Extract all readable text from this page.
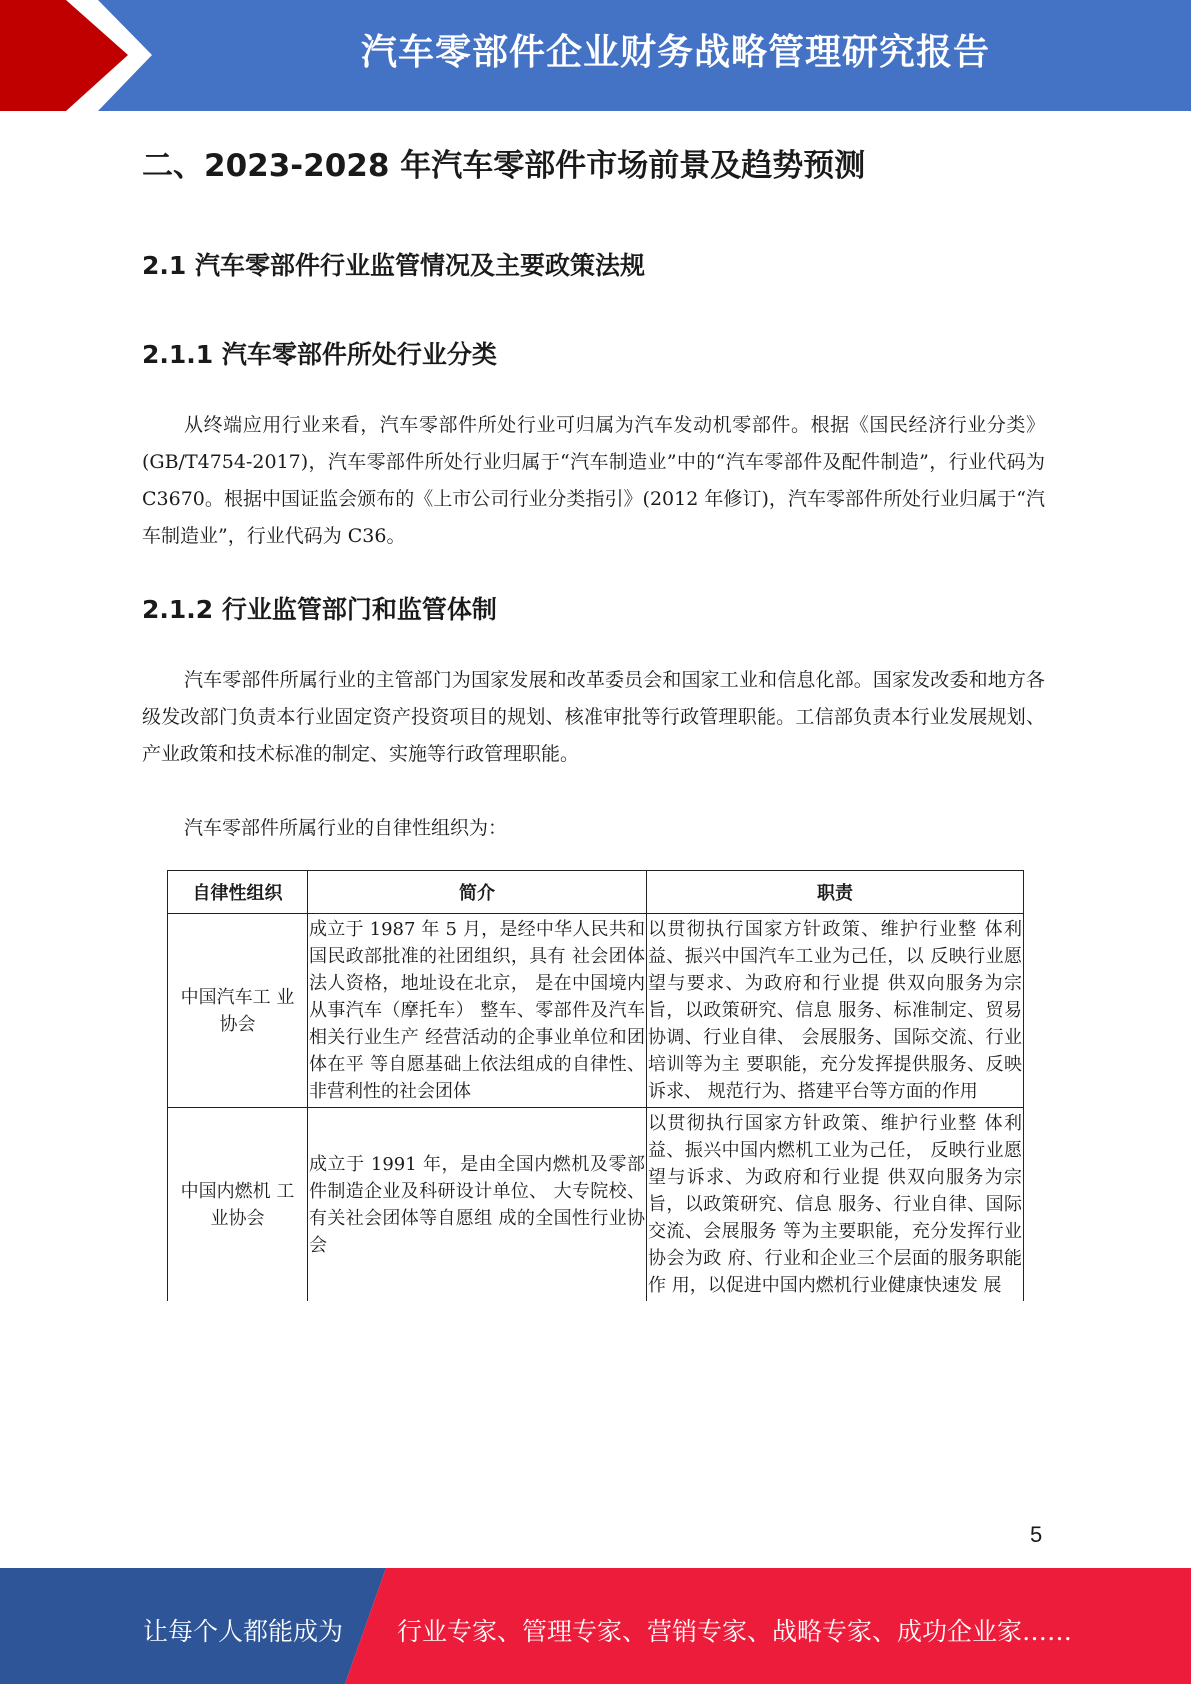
汽车零部件企业财务战略管理研究报告
二、2023-2028 年汽车零部件市场前景及趋势预测
2.1 汽车零部件行业监管情况及主要政策法规
2.1.1 汽车零部件所处行业分类
从终端应用行业来看，汽车零部件所处行业可归属为汽车发动机零部件。根据《国民经济行业分类》(GB/T4754-2017)，汽车零部件所处行业归属于“汽车制造业”中的“汽车零部件及配件制造”，行业代码为 C3670。根据中国证监会颁布的《上市公司行业分类指引》(2012 年修订)，汽车零部件所处行业归属于“汽车制造业”，行业代码为 C36。
2.1.2 行业监管部门和监管体制
汽车零部件所属行业的主管部门为国家发展和改革委员会和国家工业和信息化部。国家发改委和地方各级发改部门负责本行业固定资产投资项目的规划、核准审批等行政管理职能。工信部负责本行业发展规划、产业政策和技术标准的制定、实施等行政管理职能。
汽车零部件所属行业的自律性组织为：
自律性组织	简介	职责
中国汽车工 业协会	成立于 1987 年 5 月，是经中华人民共和国民政部批准的社团组织，具有 社会团体法人资格，地址设在北京， 是在中国境内从事汽车（摩托车） 整车、零部件及汽车相关行业生产 经营活动的企事业单位和团体在平 等自愿基础上依法组成的自律性、 非营利性的社会团体	以贯彻执行国家方针政策、维护行业整 体利益、振兴中国汽车工业为己任，以 反映行业愿望与要求、为政府和行业提 供双向服务为宗旨，以政策研究、信息 服务、标准制定、贸易协调、行业自律、 会展服务、国际交流、行业培训等为主 要职能，充分发挥提供服务、反映诉求、 规范行为、搭建平台等方面的作用
中国内燃机 工业协会	成立于 1991 年，是由全国内燃机及零部件制造企业及科研设计单位、 大专院校、有关社会团体等自愿组 成的全国性行业协会	以贯彻执行国家方针政策、维护行业整 体利益、振兴中国内燃机工业为己任， 反映行业愿望与诉求、为政府和行业提 供双向服务为宗旨，以政策研究、信息 服务、行业自律、国际交流、会展服务 等为主要职能，充分发挥行业协会为政 府、行业和企业三个层面的服务职能作 用，以促进中国内燃机行业健康快速发 展
5
让每个人都能成为 行业专家、管理专家、营销专家、战略专家、成功企业家……
